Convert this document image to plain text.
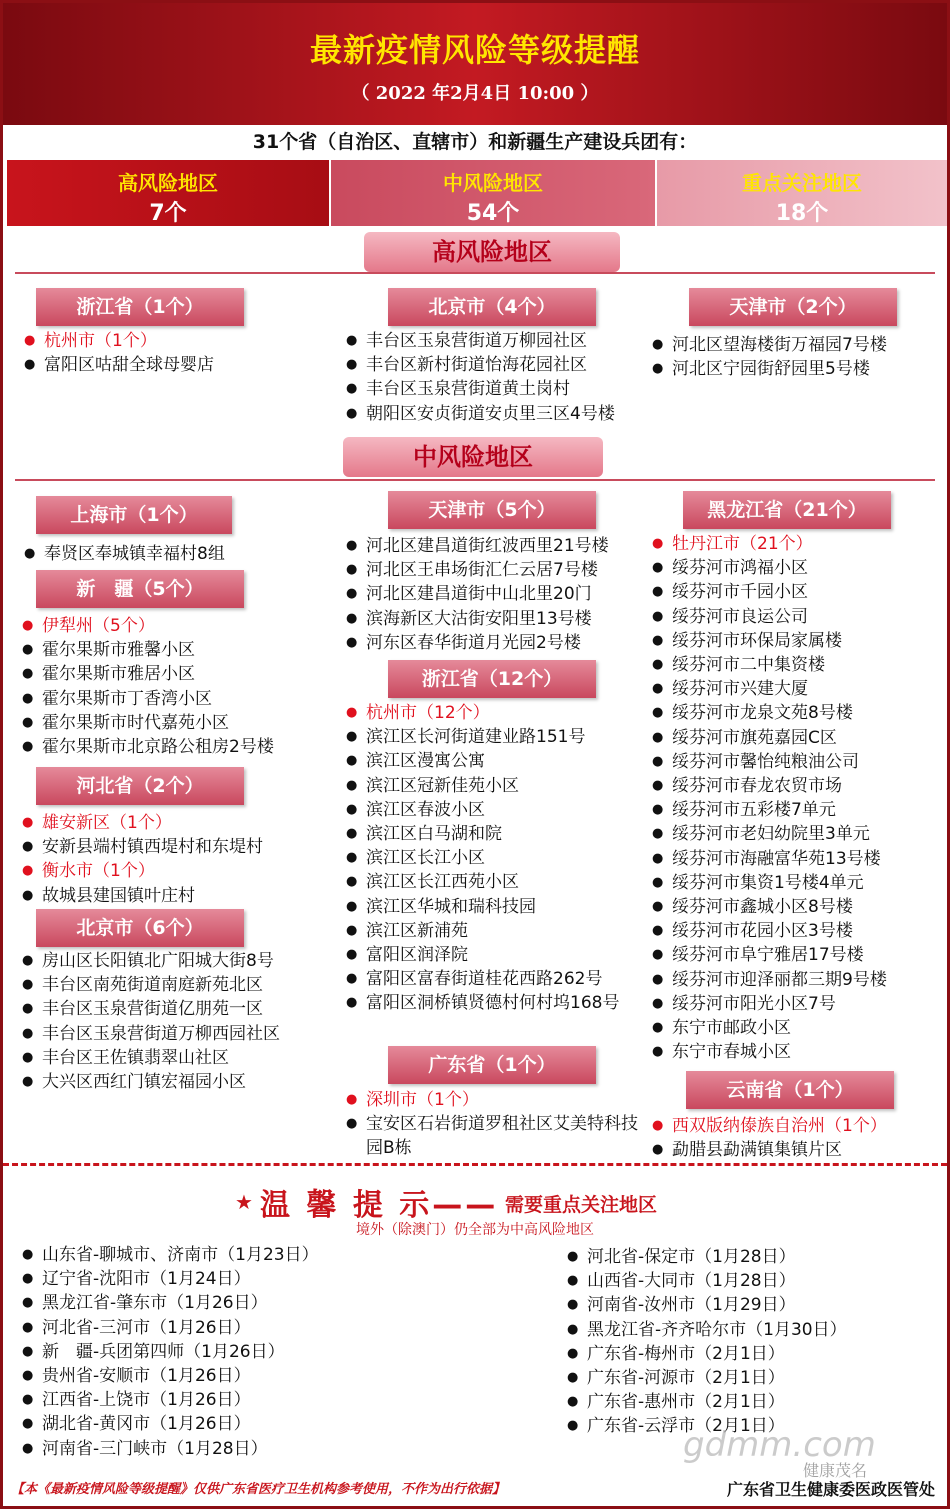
最新疫情风险等级提醒
（ 2022 年2月4日 10:00 ）
31个省（自治区、直辖市）和新疆生产建设兵团有：
高风险地区
7个
中风险地区
54个
重点关注地区
18个
高风险地区
浙江省（1个）
● 杭州市（1个）
● 富阳区咕甜全球母婴店
北京市（4个）
● 丰台区玉泉营街道万柳园社区
● 丰台区新村街道怡海花园社区
● 丰台区玉泉营街道黄土岗村
● 朝阳区安贞街道安贞里三区4号楼
天津市（2个）
● 河北区望海楼街万福园7号楼
● 河北区宁园街舒园里5号楼
中风险地区
上海市（1个）
● 奉贤区奉城镇幸福村8组
新　疆（5个）
● 伊犁州（5个）
● 霍尔果斯市雅馨小区
● 霍尔果斯市雅居小区
● 霍尔果斯市丁香湾小区
● 霍尔果斯市时代嘉苑小区
● 霍尔果斯市北京路公租房2号楼
河北省（2个）
● 雄安新区（1个）
● 安新县端村镇西堤村和东堤村
● 衡水市（1个）
● 故城县建国镇叶庄村
北京市（6个）
● 房山区长阳镇北广阳城大街8号
● 丰台区南苑街道南庭新苑北区
● 丰台区玉泉营街道亿朋苑一区
● 丰台区玉泉营街道万柳西园社区
● 丰台区王佐镇翡翠山社区
● 大兴区西红门镇宏福园小区
天津市（5个）
● 河北区建昌道街红波西里21号楼
● 河北区王串场街汇仁云居7号楼
● 河北区建昌道街中山北里20门
● 滨海新区大沽街安阳里13号楼
● 河东区春华街道月光园2号楼
浙江省（12个）
● 杭州市（12个）
● 滨江区长河街道建业路151号
● 滨江区漫寓公寓
● 滨江区冠新佳苑小区
● 滨江区春波小区
● 滨江区白马湖和院
● 滨江区长江小区
● 滨江区长江西苑小区
● 滨江区华城和瑞科技园
● 滨江区新浦苑
● 富阳区润泽院
● 富阳区富春街道桂花西路262号
● 富阳区洞桥镇贤德村何村坞168号
广东省（1个）
● 深圳市（1个）
● 宝安区石岩街道罗租社区艾美特科技园B栋
黑龙江省（21个）
● 牡丹江市（21个）
● 绥芬河市鸿福小区
● 绥芬河市千园小区
● 绥芬河市良运公司
● 绥芬河市环保局家属楼
● 绥芬河市二中集资楼
● 绥芬河市兴建大厦
● 绥芬河市龙泉文苑8号楼
● 绥芬河市旗苑嘉园C区
● 绥芬河市馨怡纯粮油公司
● 绥芬河市春龙农贸市场
● 绥芬河市五彩楼7单元
● 绥芬河市老妇幼院里3单元
● 绥芬河市海融富华苑13号楼
● 绥芬河市集资1号楼4单元
● 绥芬河市鑫城小区8号楼
● 绥芬河市花园小区3号楼
● 绥芬河市阜宁雅居17号楼
● 绥芬河市迎泽丽都三期9号楼
● 绥芬河市阳光小区7号
● 东宁市邮政小区
● 东宁市春城小区
云南省（1个）
● 西双版纳傣族自治州（1个）
● 勐腊县勐满镇集镇片区
★ 温 馨 提 示—— 需要重点关注地区
境外（除澳门）仍全部为中高风险地区
● 山东省-聊城市、济南市（1月23日）
● 辽宁省-沈阳市（1月24日）
● 黑龙江省-肇东市（1月26日）
● 河北省-三河市（1月26日）
● 新　疆-兵团第四师（1月26日）
● 贵州省-安顺市（1月26日）
● 江西省-上饶市（1月26日）
● 湖北省-黄冈市（1月26日）
● 河南省-三门峡市（1月28日）
● 河北省-保定市（1月28日）
● 山西省-大同市（1月28日）
● 河南省-汝州市（1月29日）
● 黑龙江省-齐齐哈尔市（1月30日）
● 广东省-梅州市（2月1日）
● 广东省-河源市（2月1日）
● 广东省-惠州市（2月1日）
● 广东省-云浮市（2月1日）
gdmm.com
健康茂名
【本《最新疫情风险等级提醒》仅供广东省医疗卫生机构参考使用，不作为出行依据】	广东省卫生健康委医政医管处
